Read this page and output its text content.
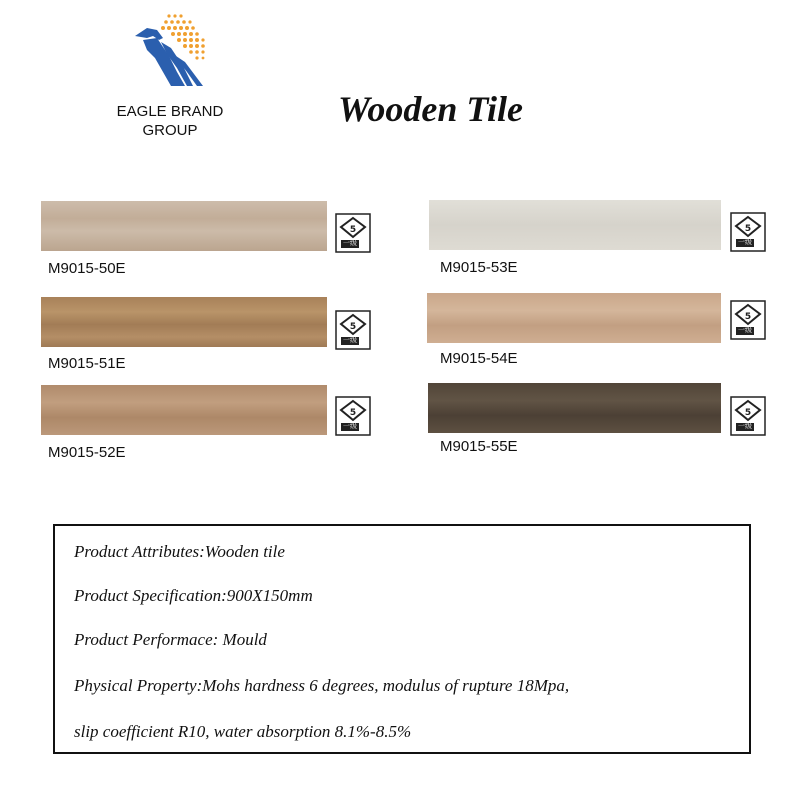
EAGLE BRAND
GROUP
Wooden Tile
5
一级
M9015-50E
5
一级
M9015-51E
5
一级
M9015-52E
5
一级
M9015-53E
5
一级
M9015-54E
5
一级
M9015-55E

Product Attributes:Wooden tile

Product Specification:900X150mm

Product Performace: Mould

Physical Property:Mohs hardness 6 degrees, modulus of rupture 18Mpa,

slip coefficient R10, water absorption 8.1%-8.5%
